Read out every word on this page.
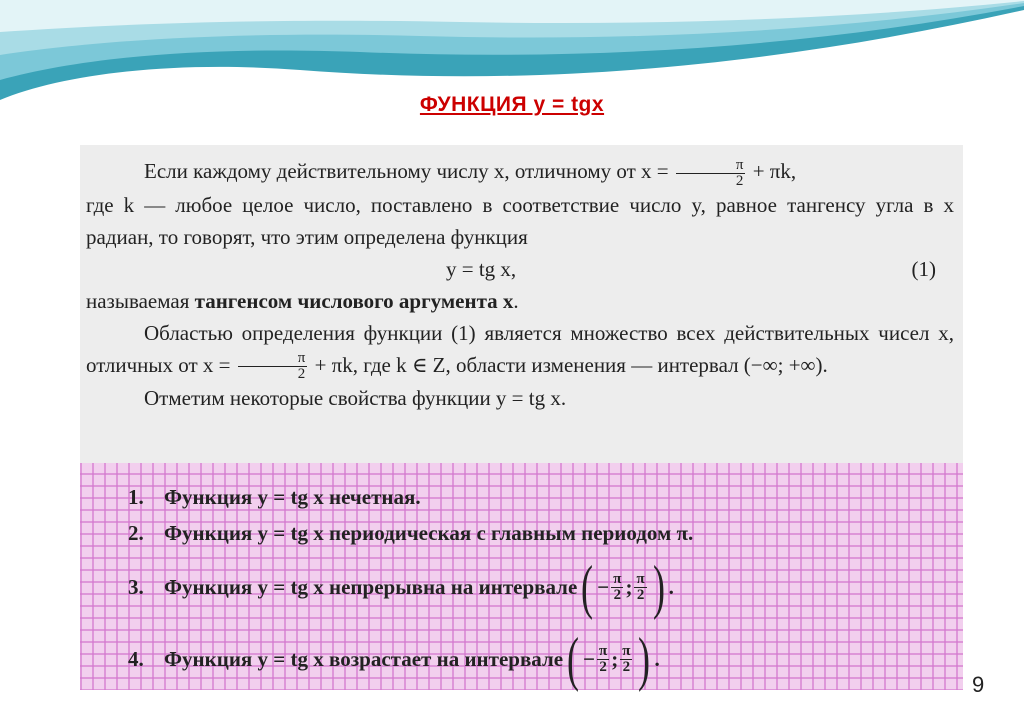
ФУНКЦИЯ y = tgx

Если каждому действительному числу x, отличному от $x = \frac{\pi}{2} + \pi k$,

где k — любое целое число, поставлено в соответствие число y, равное тангенсу угла в x радиан, то говорят, что этим определена функция

y = tg x,	(1)

называемая тангенсом числового аргумента x.

Областью определения функции (1) является множество всех действительных чисел x, отличных от $x = \frac{\pi}{2} + \pi k$, где k ∈ Z, области изменения — интервал (−∞; +∞).

Отметим некоторые свойства функции y = tg x.

1. Функция y = tg x нечетная.
2. Функция y = tg x периодическая с главным периодом π.
3. Функция y = tg x непрерывна на интервале ( − $\frac{\pi}{2}$ ; $\frac{\pi}{2}$ ) .
4. Функция y = tg x возрастает на интервале ( − $\frac{\pi}{2}$ ; $\frac{\pi}{2}$ ) .
9
